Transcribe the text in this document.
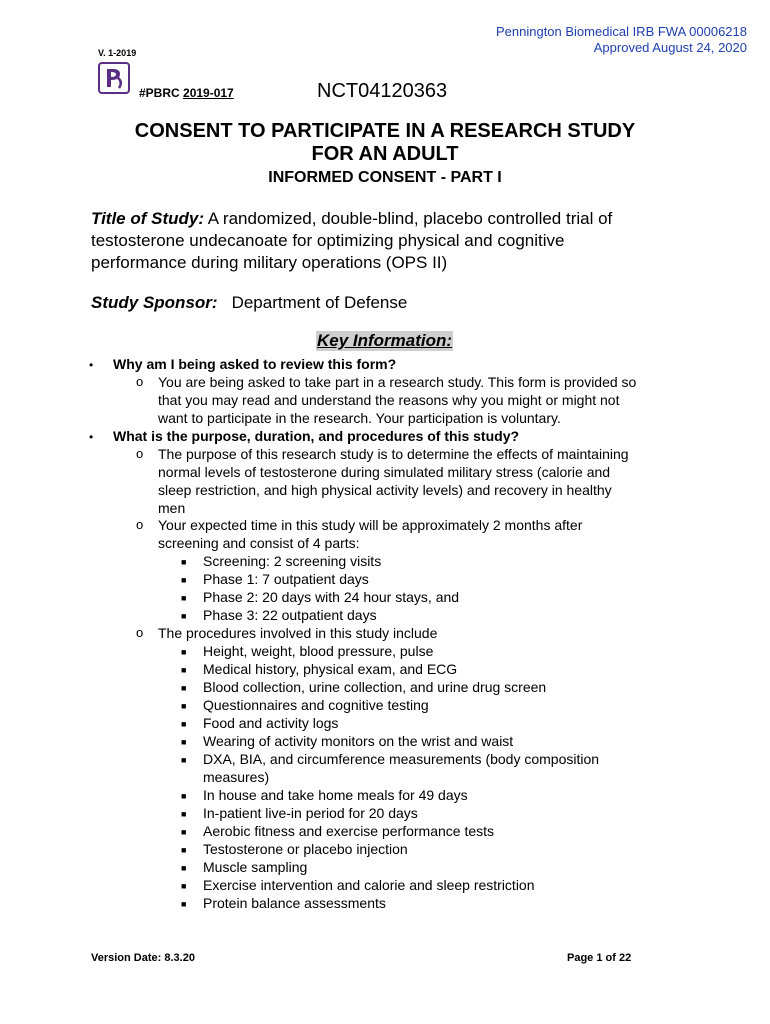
Pennington Biomedical IRB FWA 00006218
Approved August 24, 2020
V. 1-2019
#PBRC 2019-017	NCT04120363
CONSENT TO PARTICIPATE IN A RESEARCH STUDY
FOR AN ADULT
INFORMED CONSENT - PART I
Title of Study: A randomized, double-blind, placebo controlled trial of
testosterone undecanoate for optimizing physical and cognitive
performance during military operations (OPS II)
Study Sponsor: Department of Defense
Key Information:
• Why am I being asked to review this form?
o You are being asked to take part in a research study. This form is provided so
that you may read and understand the reasons why you might or might not
want to participate in the research. Your participation is voluntary.
• What is the purpose, duration, and procedures of this study?
o The purpose of this research study is to determine the effects of maintaining
normal levels of testosterone during simulated military stress (calorie and
sleep restriction, and high physical activity levels) and recovery in healthy
men
o Your expected time in this study will be approximately 2 months after
screening and consist of 4 parts:
■ Screening: 2 screening visits
■ Phase 1: 7 outpatient days
■ Phase 2: 20 days with 24 hour stays, and
■ Phase 3: 22 outpatient days
o The procedures involved in this study include
■ Height, weight, blood pressure, pulse
■ Medical history, physical exam, and ECG
■ Blood collection, urine collection, and urine drug screen
■ Questionnaires and cognitive testing
■ Food and activity logs
■ Wearing of activity monitors on the wrist and waist
■ DXA, BIA, and circumference measurements (body composition
measures)
■ In house and take home meals for 49 days
■ In-patient live-in period for 20 days
■ Aerobic fitness and exercise performance tests
■ Testosterone or placebo injection
■ Muscle sampling
■ Exercise intervention and calorie and sleep restriction
■ Protein balance assessments
Version Date: 8.3.20	Page 1 of 22
